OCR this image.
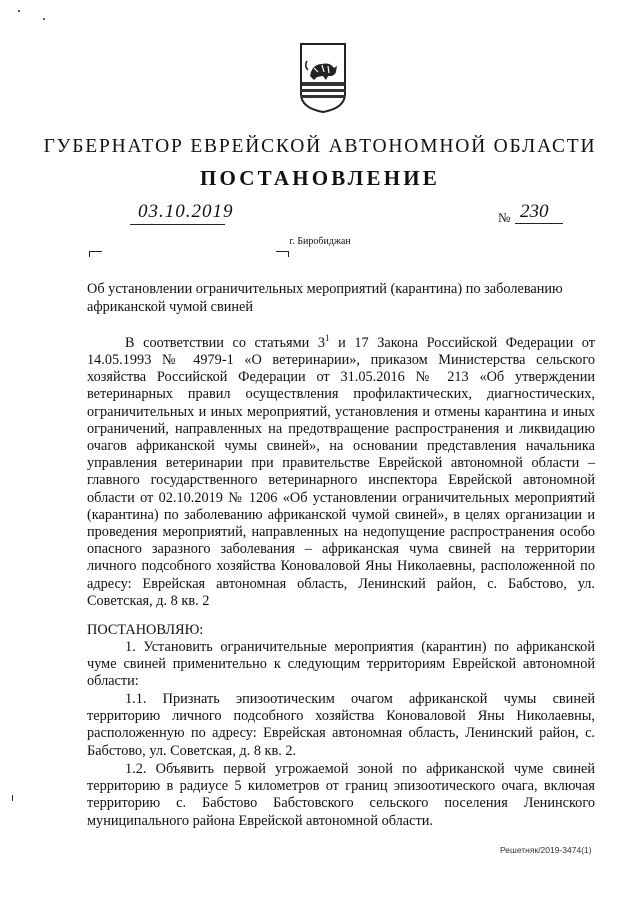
ГУБЕРНАТОР ЕВРЕЙСКОЙ АВТОНОМНОЙ ОБЛАСТИ
ПОСТАНОВЛЕНИЕ
03.10.2019	№ 230
г. Биробиджан
Об установлении ограничительных мероприятий (карантина) по заболеванию африканской чумой свиней
В соответствии со статьями $3^1$ и 17 Закона Российской Федерации от 14.05.1993 № 4979-1 «О ветеринарии», приказом Министерства сельского хозяйства Российской Федерации от 31.05.2016 № 213 «Об утверждении ветеринарных правил осуществления профилактических, диагностических, ограничительных и иных мероприятий, установления и отмены карантина и иных ограничений, направленных на предотвращение распространения и ликвидацию очагов африканской чумы свиней», на основании представления начальника управления ветеринарии при правительстве Еврейской автономной области – главного государственного ветеринарного инспектора Еврейской автономной области от 02.10.2019 № 1206 «Об установлении ограничительных мероприятий (карантина) по заболеванию африканской чумой свиней», в целях организации и проведения мероприятий, направленных на недопущение распространения особо опасного заразного заболевания – африканская чума свиней на территории личного подсобного хозяйства Коноваловой Яны Николаевны, расположенной по адресу: Еврейская автономная область, Ленинский район, с. Бабстово, ул. Советская, д. 8 кв. 2
ПОСТАНОВЛЯЮ:
1. Установить ограничительные мероприятия (карантин) по африканской чуме свиней применительно к следующим территориям Еврейской автономной области:
1.1. Признать эпизоотическим очагом африканской чумы свиней территорию личного подсобного хозяйства Коноваловой Яны Николаевны, расположенную по адресу: Еврейская автономная область, Ленинский район, с. Бабстово, ул. Советская, д. 8 кв. 2.
1.2. Объявить первой угрожаемой зоной по африканской чуме свиней территорию в радиусе 5 километров от границ эпизоотического очага, включая территорию с. Бабстово Бабстовского сельского поселения Ленинского муниципального района Еврейской автономной области.
Решетняк/2019-3474(1)
